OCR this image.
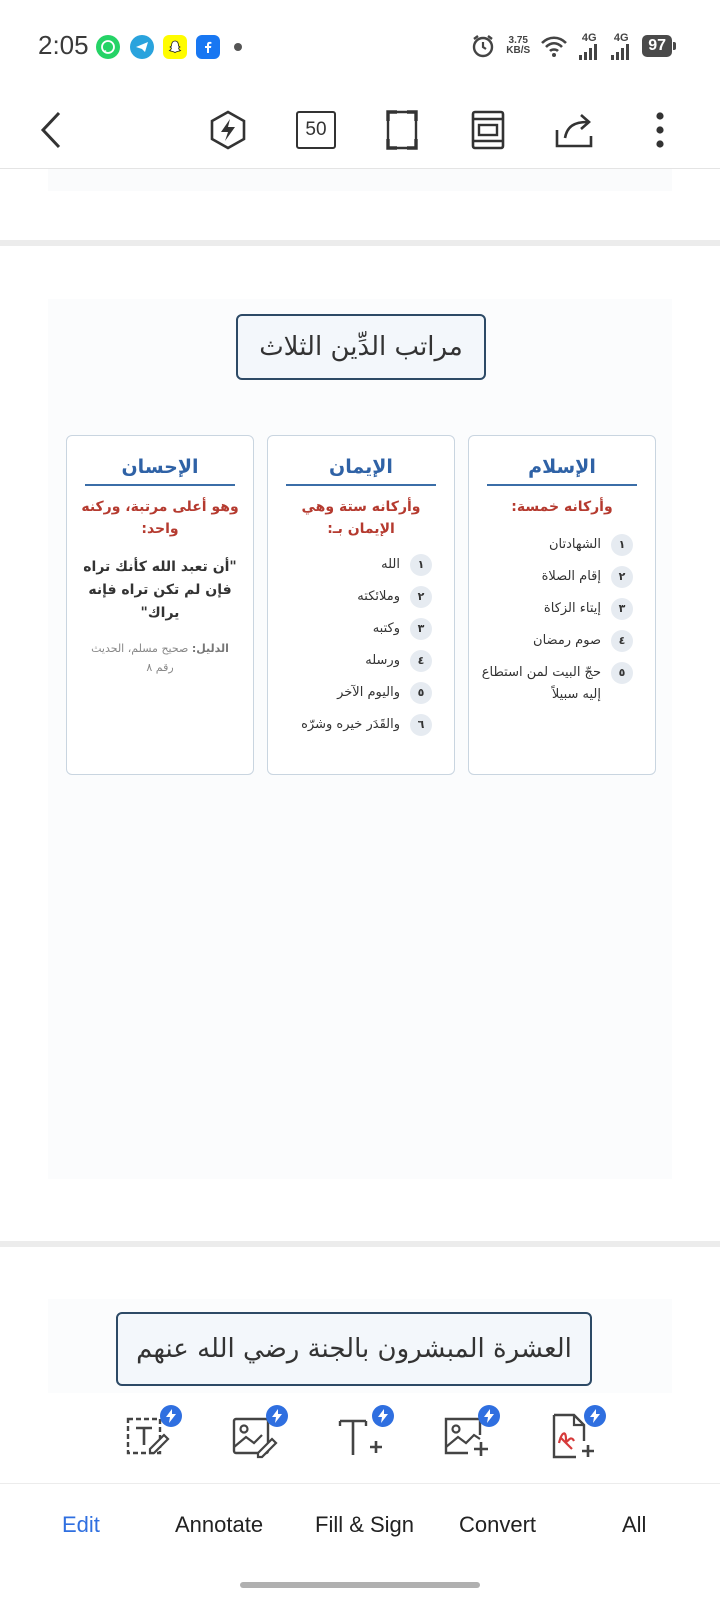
2:05	3.75
KB/S
4G 4G	97
50
مراتب الدِّين الثلاث
الإسلام
وأركانه خمسة:
١
الشهادتان
٢
إقام الصلاة
٣
إيتاء الزكاة
٤
صوم رمضان
٥
حجّ البيت لمن استطاع إليه سبيلاً
الإيمان
وأركانه ستة وهي الإيمان بـ:
١
الله
٢
وملائكته
٣
وكتبه
٤
ورسله
٥
واليوم الآخر
٦
والقَدَر خيره وشرّه
الإحسان
وهو أعلى مرتبة، وركنه واحد:
"أن تعبد الله كأنك تراه فإن لم تكن تراه فإنه يراك"
الدليل: صحيح مسلم، الحديث رقم ٨
العشرة المبشرون بالجنة رضي الله عنهم
Edit	Annotate Fill & Sign Convert	All
